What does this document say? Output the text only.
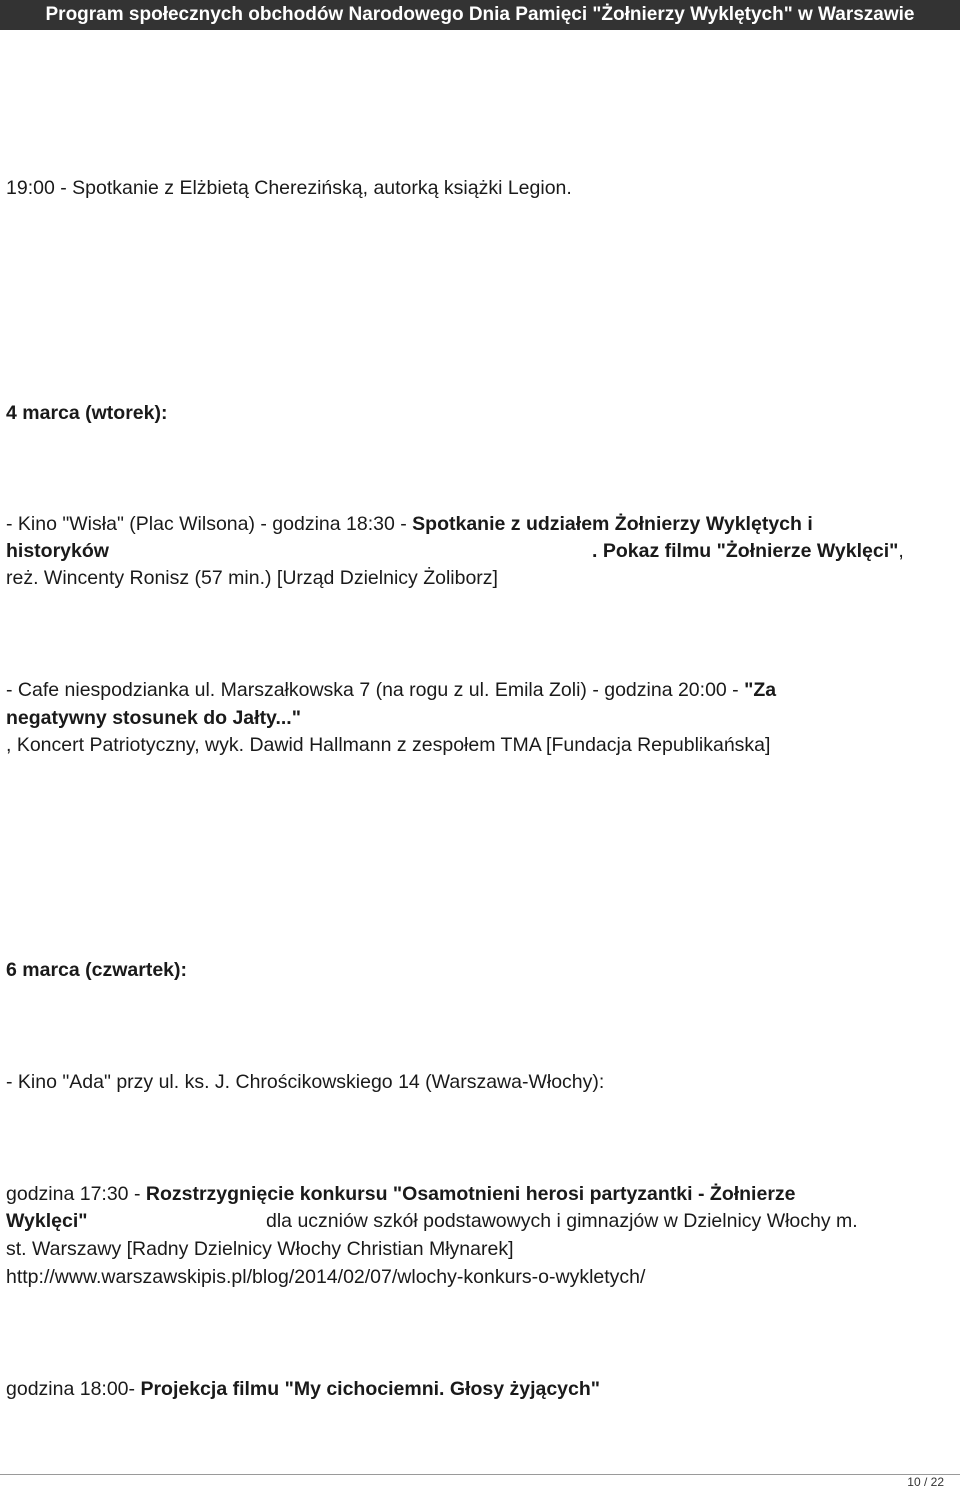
Program społecznych obchodów Narodowego Dnia Pamięci "Żołnierzy Wyklętych" w Warszawie
19:00 - Spotkanie z Elżbietą Cherezińską, autorką książki Legion.
4 marca (wtorek):
- Kino "Wisła" (Plac Wilsona) - godzina 18:30 - Spotkanie z udziałem Żołnierzy Wyklętych i
historyków	. Pokaz filmu "Żołnierze Wyklęci",
reż. Wincenty Ronisz (57 min.) [Urząd Dzielnicy Żoliborz]
- Cafe niespodzianka ul. Marszałkowska 7 (na rogu z ul. Emila Zoli) - godzina 20:00 - "Za
negatywny stosunek do Jałty..."
, Koncert Patriotyczny, wyk. Dawid Hallmann z zespołem TMA [Fundacja Republikańska]
6 marca (czwartek):
- Kino "Ada" przy ul. ks. J. Chrościkowskiego 14 (Warszawa-Włochy):
godzina 17:30 - Rozstrzygnięcie konkursu "Osamotnieni herosi partyzantki - Żołnierze
Wyklęci"	dla uczniów szkół podstawowych i gimnazjów w Dzielnicy Włochy m.
st. Warszawy [Radny Dzielnicy Włochy Christian Młynarek]
http://www.warszawskipis.pl/blog/2014/02/07/wlochy-konkurs-o-wykletych/
godzina 18:00- Projekcja filmu "My cichociemni. Głosy żyjących"
10 / 22
